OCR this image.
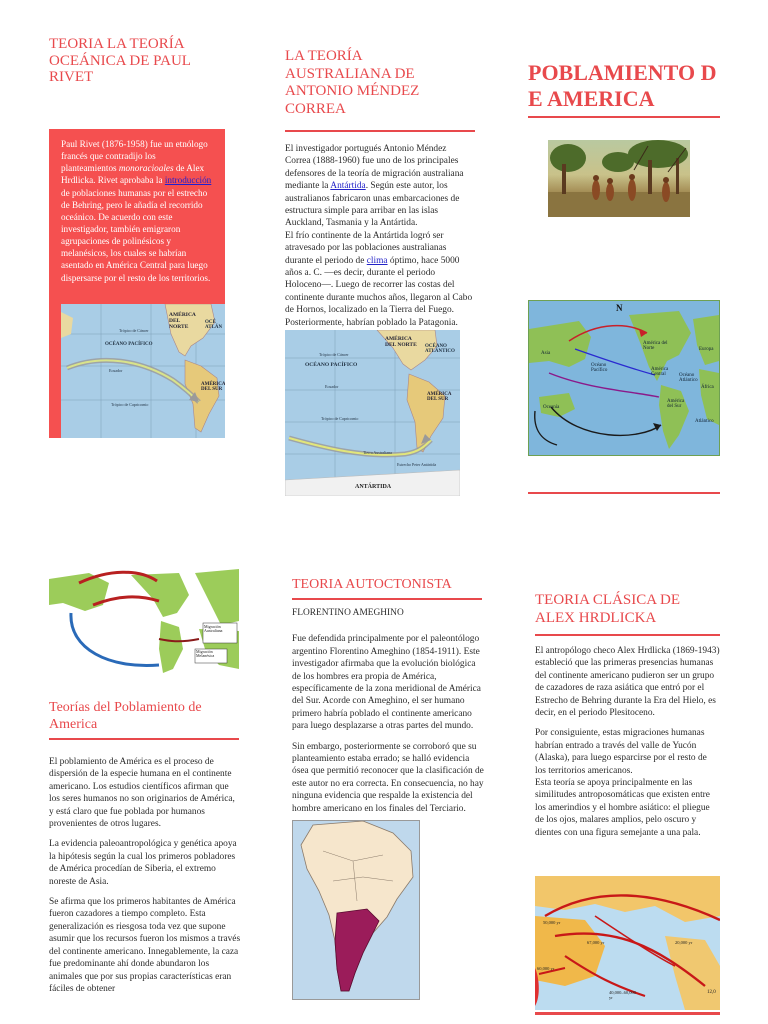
TEORIA LA TEORÍA OCEÁNICA DE PAUL RIVET
Paul Rivet (1876-1958) fue un etnólogo francés que contradijo los planteamientos monoracioales de Alex Hrdlicka. Rivet aprobaba la introducción de poblaciones humanas por el estrecho de Behring, pero le añadía el recorrido oceánico. De acuerdo con este investigador, también emigraron agrupaciones de polinésicos y melanésicos, los cuales se habrían asentado en América Central para luego dispersarse por el resto de los territorios.
Trópico de Cáncer
AMÉRICA DEL NORTE
OCÉANO PACÍFICO
OCÉ ATLÁN
Ecuador
AMÉRICA DEL SUR
Trópico de Capricornio
LA TEORÍA AUSTRALIANA DE ANTONIO MÉNDEZ CORREA

El investigador portugués Antonio Méndez Correa (1888-1960) fue uno de los principales defensores de la teoría de migración australiana mediante la Antártida. Según este autor, los australianos fabricaron unas embarcaciones de estructura simple para arribar en las islas Auckland, Tasmania y la Antártida.

El frío continente de la Antártida logró ser atravesado por las poblaciones australianas durante el periodo de clima óptimo, hace 5000 años a. C. —es decir, durante el periodo Holoceno—. Luego de recorrer las costas del continente durante muchos años, llegaron al Cabo de Hornos, localizado en la Tierra del Fuego. Posteriormente, habrían poblado la Patagonia.

Trópico de Cáncer
AMÉRICA DEL NORTE	OCÉANO ATLÁNTICO
OCÉANO PACÍFICO
Ecuador
AMÉRICA DEL SUR
Trópico de Capricornio
Tierra Australiana
Estrecho Peter Antártida
ANTÁRTIDA
POBLAMIENTO DE AMERICA
N
Asia
América del Norte	Europa
África
Océano Pacífico	América Central	Océano Atlántico
Oceanía
América del Sur
Atlántico
Migración Australiana
Migración Melanésica
Teorías del Poblamiento de America

El poblamiento de América es el proceso de dispersión de la especie humana en el continente americano. Los estudios científicos afirman que los seres humanos no son originarios de América, y está claro que fue poblada por humanos provenientes de otros lugares.

La evidencia paleoantropológica y genética apoya la hipótesis según la cual los primeros pobladores de América procedían de Siberia, el extremo noreste de Asia.

Se afirma que los primeros habitantes de América fueron cazadores a tiempo completo. Esta generalización es riesgosa toda vez que supone asumir que los recursos fueron los mismos a través del continente americano. Innegablemente, la caza fue predominante ahí donde abundaron los animales que por sus propias características eran fáciles de obtener

TEORIA AUTOCTONISTA

FLORENTINO AMEGHINO

Fue defendida principalmente por el paleontólogo argentino Florentino Ameghino (1854-1911). Este investigador afirmaba que la evolución biológica de los hombres era propia de América, específicamente de la zona meridional de América del Sur. Acorde con Ameghino, el ser humano primero habría poblado el continente americano para luego desplazarse a otras partes del mundo.

Sin embargo, posteriormente se corroboró que su planteamiento estaba errado; se halló evidencia ósea que permitió reconocer que la clasificación de este autor no era correcta. En consecuencia, no hay ninguna evidencia que respalde la existencia del hombre americano en los finales del Terciario.

TEORIA CLÁSICA DE ALEX HRDLICKA

El antropólogo checo Alex Hrdlicka (1869-1943) estableció que las primeras presencias humanas del continente americano pudieron ser un grupo de cazadores de raza asiática que entró por el Estrecho de Behring durante la Era del Hielo, es decir, en el periodo Plesitoceno.

Por consiguiente, estas migraciones humanas habrían entrado a través del valle de Yucón (Alaska), para luego esparcirse por el resto de los territorios americanos.

Esta teoría se apoya principalmente en las similitudes antroposomáticas que existen entre los amerindios y el hombre asiático: el pliegue de los ojos, malares amplios, pelo oscuro y dientes con una figura semejante a una pala.

50,000 yr
67,000 yr	20,000 yr
60,000 yr
40,000–60,000 yr
12,0
